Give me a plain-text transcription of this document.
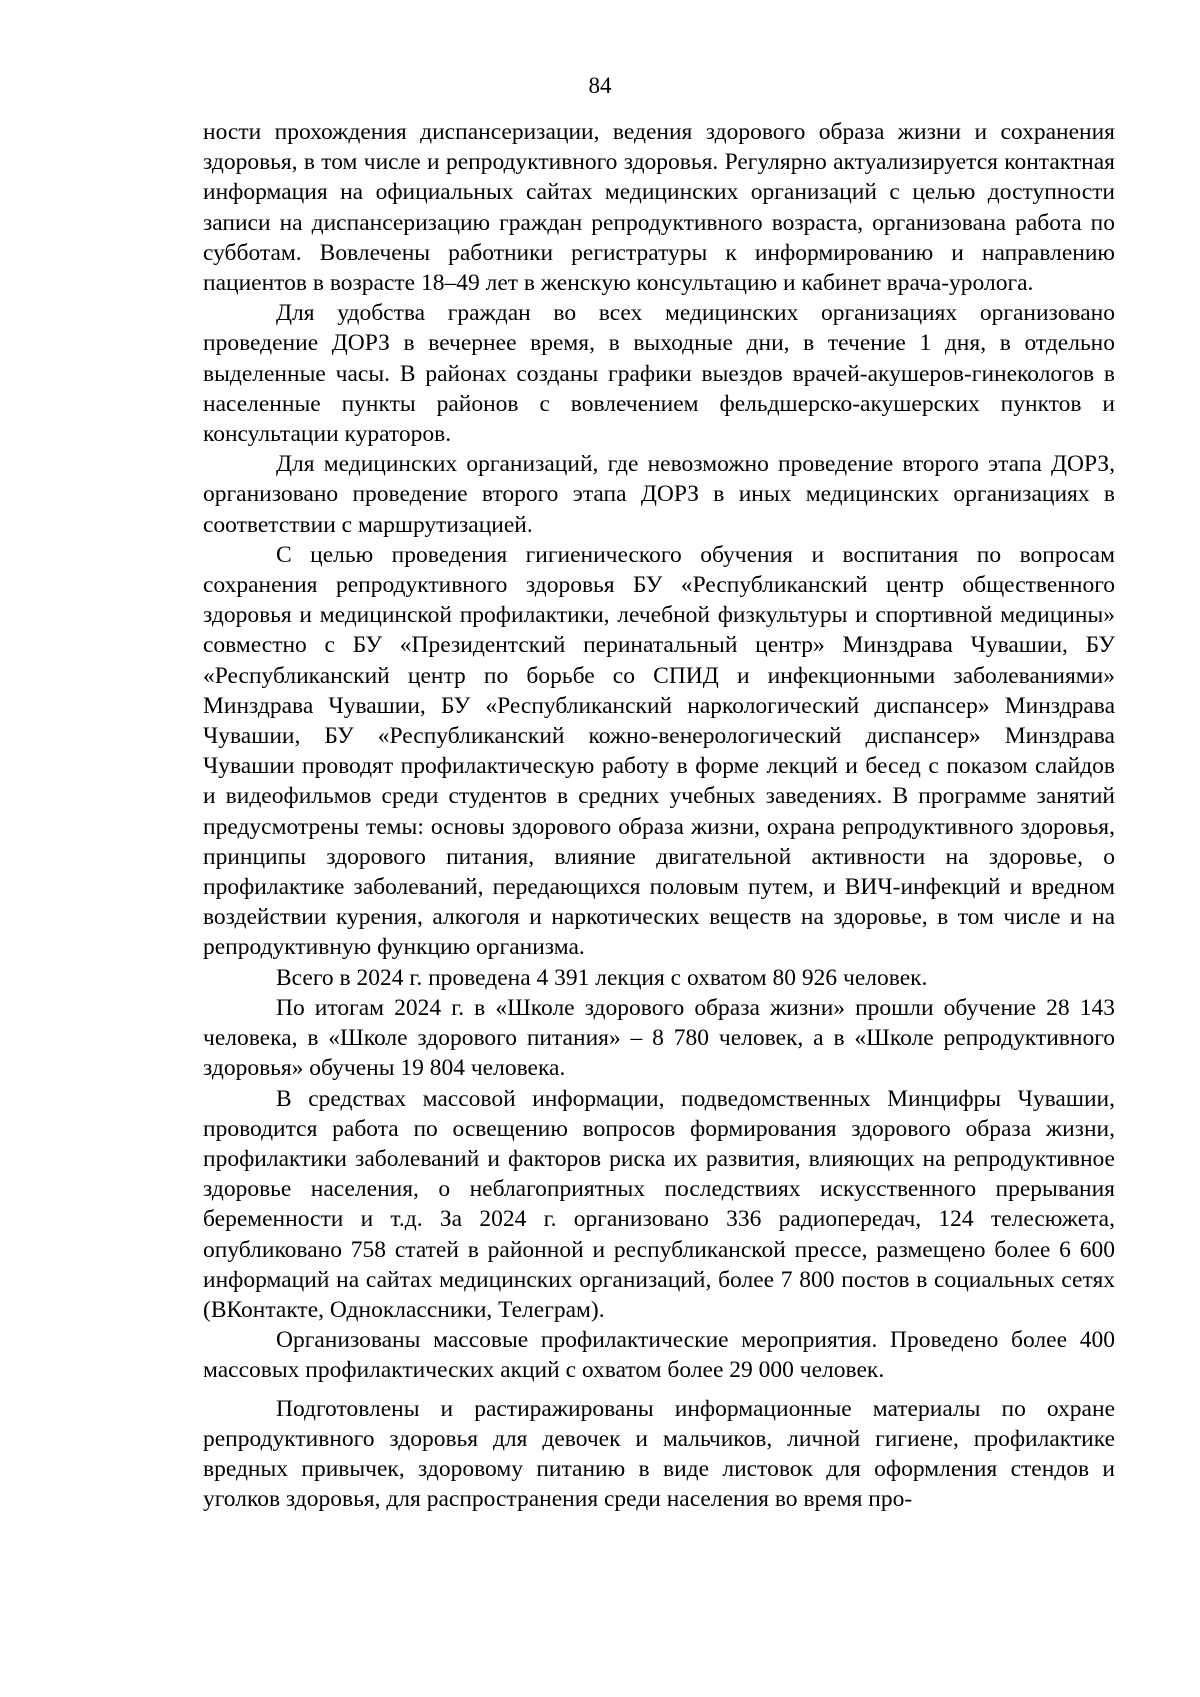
84

ности прохождения диспансеризации, ведения здорового образа жизни и сохранения здоровья, в том числе и репродуктивного здоровья. Регулярно актуализируется контактная информация на официальных сайтах медицинских организаций с целью доступности записи на диспансеризацию граждан репродуктивного возраста, организована работа по субботам. Вовлечены работники регистратуры к информированию и направлению пациентов в возрасте 18–49 лет в женскую консультацию и кабинет врача-уролога.

Для удобства граждан во всех медицинских организациях организовано проведение ДОРЗ в вечернее время, в выходные дни, в течение 1 дня, в отдельно выделенные часы. В районах созданы графики выездов врачей-акушеров-гинекологов в населенные пункты районов с вовлечением фельдшерско-акушерских пунктов и консультации кураторов.

Для медицинских организаций, где невозможно проведение второго этапа ДОРЗ, организовано проведение второго этапа ДОРЗ в иных медицинских организациях в соответствии с маршрутизацией.

С целью проведения гигиенического обучения и воспитания по вопросам сохранения репродуктивного здоровья БУ «Республиканский центр общественного здоровья и медицинской профилактики, лечебной физкультуры и спортивной медицины» совместно с БУ «Президентский перинатальный центр» Минздрава Чувашии, БУ «Республиканский центр по борьбе со СПИД и инфекционными заболеваниями» Минздрава Чувашии, БУ «Республиканский наркологический диспансер» Минздрава Чувашии, БУ «Республиканский кожно-венерологический диспансер» Минздрава Чувашии проводят профилактическую работу в форме лекций и бесед с показом слайдов и видеофильмов среди студентов в средних учебных заведениях. В программе занятий предусмотрены темы: основы здорового образа жизни, охрана репродуктивного здоровья, принципы здорового питания, влияние двигательной активности на здоровье, о профилактике заболеваний, передающихся половым путем, и ВИЧ-инфекций и вредном воздействии курения, алкоголя и наркотических веществ на здоровье, в том числе и на репродуктивную функцию организма.

Всего в 2024 г. проведена 4 391 лекция с охватом 80 926 человек.

По итогам 2024 г. в «Школе здорового образа жизни» прошли обучение 28 143 человека, в «Школе здорового питания» – 8 780 человек, а в «Школе репродуктивного здоровья» обучены 19 804 человека.

В средствах массовой информации, подведомственных Минцифры Чувашии, проводится работа по освещению вопросов формирования здорового образа жизни, профилактики заболеваний и факторов риска их развития, влияющих на репродуктивное здоровье населения, о неблагоприятных последствиях искусственного прерывания беременности и т.д. За 2024 г. организовано 336 радиопередач, 124 телесюжета, опубликовано 758 статей в районной и республиканской прессе, размещено более 6 600 информаций на сайтах медицинских организаций, более 7 800 постов в социальных сетях (ВКонтакте, Одноклассники, Телеграм).

Организованы массовые профилактические мероприятия. Проведено более 400 массовых профилактических акций с охватом более 29 000 человек.

Подготовлены и растиражированы информационные материалы по охране репродуктивного здоровья для девочек и мальчиков, личной гигиене, профилактике вредных привычек, здоровому питанию в виде листовок для оформления стендов и уголков здоровья, для распространения среди населения во время про-
